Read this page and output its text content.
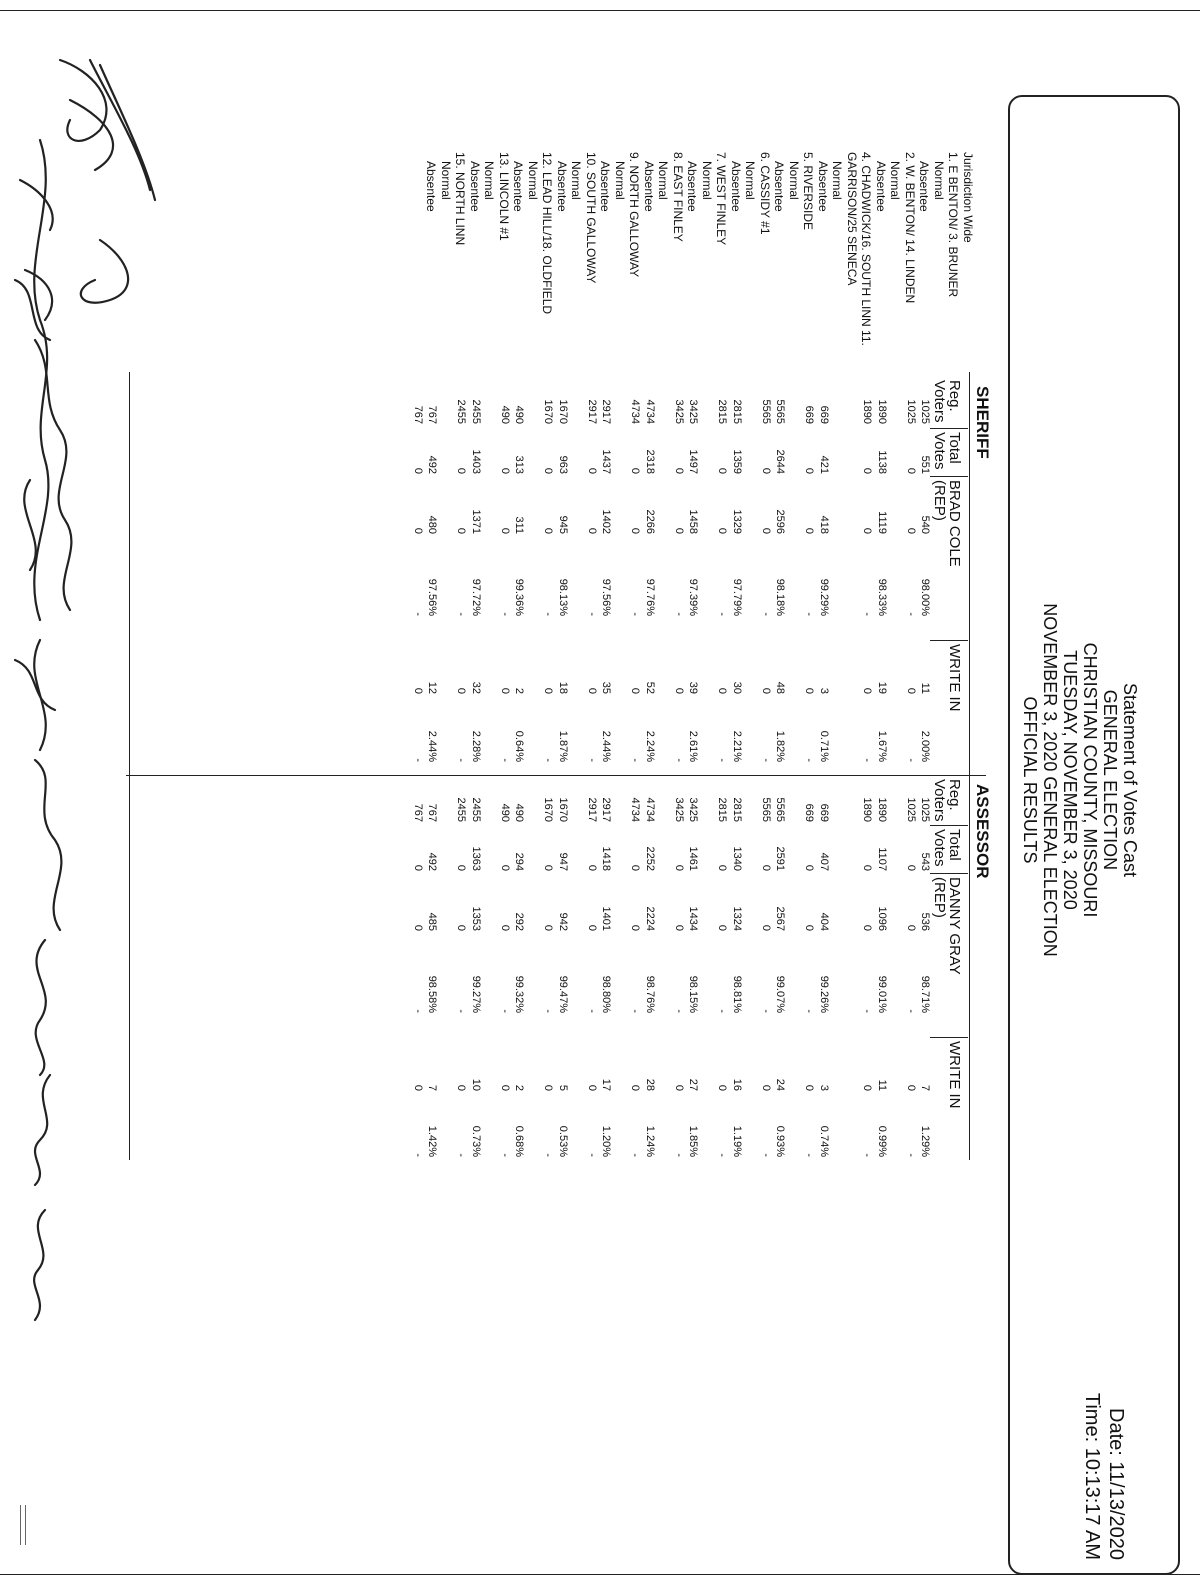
Statement of Votes Cast
GENERAL ELECTION
CHRISTIAN COUNTY, MISSOURI
TUESDAY, NOVEMBER 3, 2020
NOVEMBER 3, 2020 GENERAL ELECTION
OFFICIAL RESULTS
Date: 11/13/2020
Time: 10:13:17 AM
SHERIFF
ASSESSOR
Reg.
Voters
Total
Votes
BRAD COLE
(REP)
WRITE IN
Reg.
Voters
Total
Votes
DANNY GRAY
(REP)
WRITE IN
Jurisdiction Wide
1. E BENTON/ 3. BRUNER
Normal
Absentee
2. W. BENTON/ 14. LINDEN
Normal
Absentee
4. CHADWICK/16. SOUTH LINN 11. GARRISON/25 SENECA
Normal
Absentee
5. RIVERSIDE
Normal
Absentee
6. CASSIDY #1
Normal
Absentee
7. WEST FINLEY
Normal
Absentee
8. EAST FINLEY
Normal
Absentee
9. NORTH GALLOWAY
Normal
Absentee
10. SOUTH GALLOWAY
Normal
Absentee
12. LEAD HILL/18. OLDFIELD
Normal
Absentee
13. LINCOLN #1
Normal
Absentee
15. NORTH LINN
Normal
Absentee
1025
1025
1890
1890
669
669
5565
5565
2815
2815
3425
3425
4734
4734
2917
2917
1670
1670
490
490
2455
2455
767
767
551
0
1138
0
421
0
2644
0
1359
0
1497
0
2318
0
1437
0
963
0
313
0
1403
0
492
0
540
0
1119
0
418
0
2596
0
1329
0
1458
0
2266
0
1402
0
945
0
311
0
1371
0
480
0
98.00%
-
98.33%
-
99.29%
-
98.18%
-
97.79%
-
97.39%
-
97.76%
-
97.56%
-
98.13%
-
99.36%
-
97.72%
-
97.56%
-
11
0
19
0
3
0
48
0
30
0
39
0
52
0
35
0
18
0
2
0
32
0
12
0
2.00%
-
1.67%
-
0.71%
-
1.82%
-
2.21%
-
2.61%
-
2.24%
-
2.44%
-
1.87%
-
0.64%
-
2.28%
-
2.44%
-
1025
1025
1890
1890
669
669
5565
5565
2815
2815
3425
3425
4734
4734
2917
2917
1670
1670
490
490
2455
2455
767
767
543
0
1107
0
407
0
2591
0
1340
0
1461
0
2252
0
1418
0
947
0
294
0
1363
0
492
0
536
0
1096
0
404
0
2567
0
1324
0
1434
0
2224
0
1401
0
942
0
292
0
1353
0
485
0
98.71%
-
99.01%
-
99.26%
-
99.07%
-
98.81%
-
98.15%
-
98.76%
-
98.80%
-
99.47%
-
99.32%
-
99.27%
-
98.58%
-
7
0
11
0
3
0
24
0
16
0
27
0
28
0
17
0
5
0
2
0
10
0
7
0
1.29%
-
0.99%
-
0.74%
-
0.93%
-
1.19%
-
1.85%
-
1.24%
-
1.20%
-
0.53%
-
0.68%
-
0.73%
-
1.42%
-
